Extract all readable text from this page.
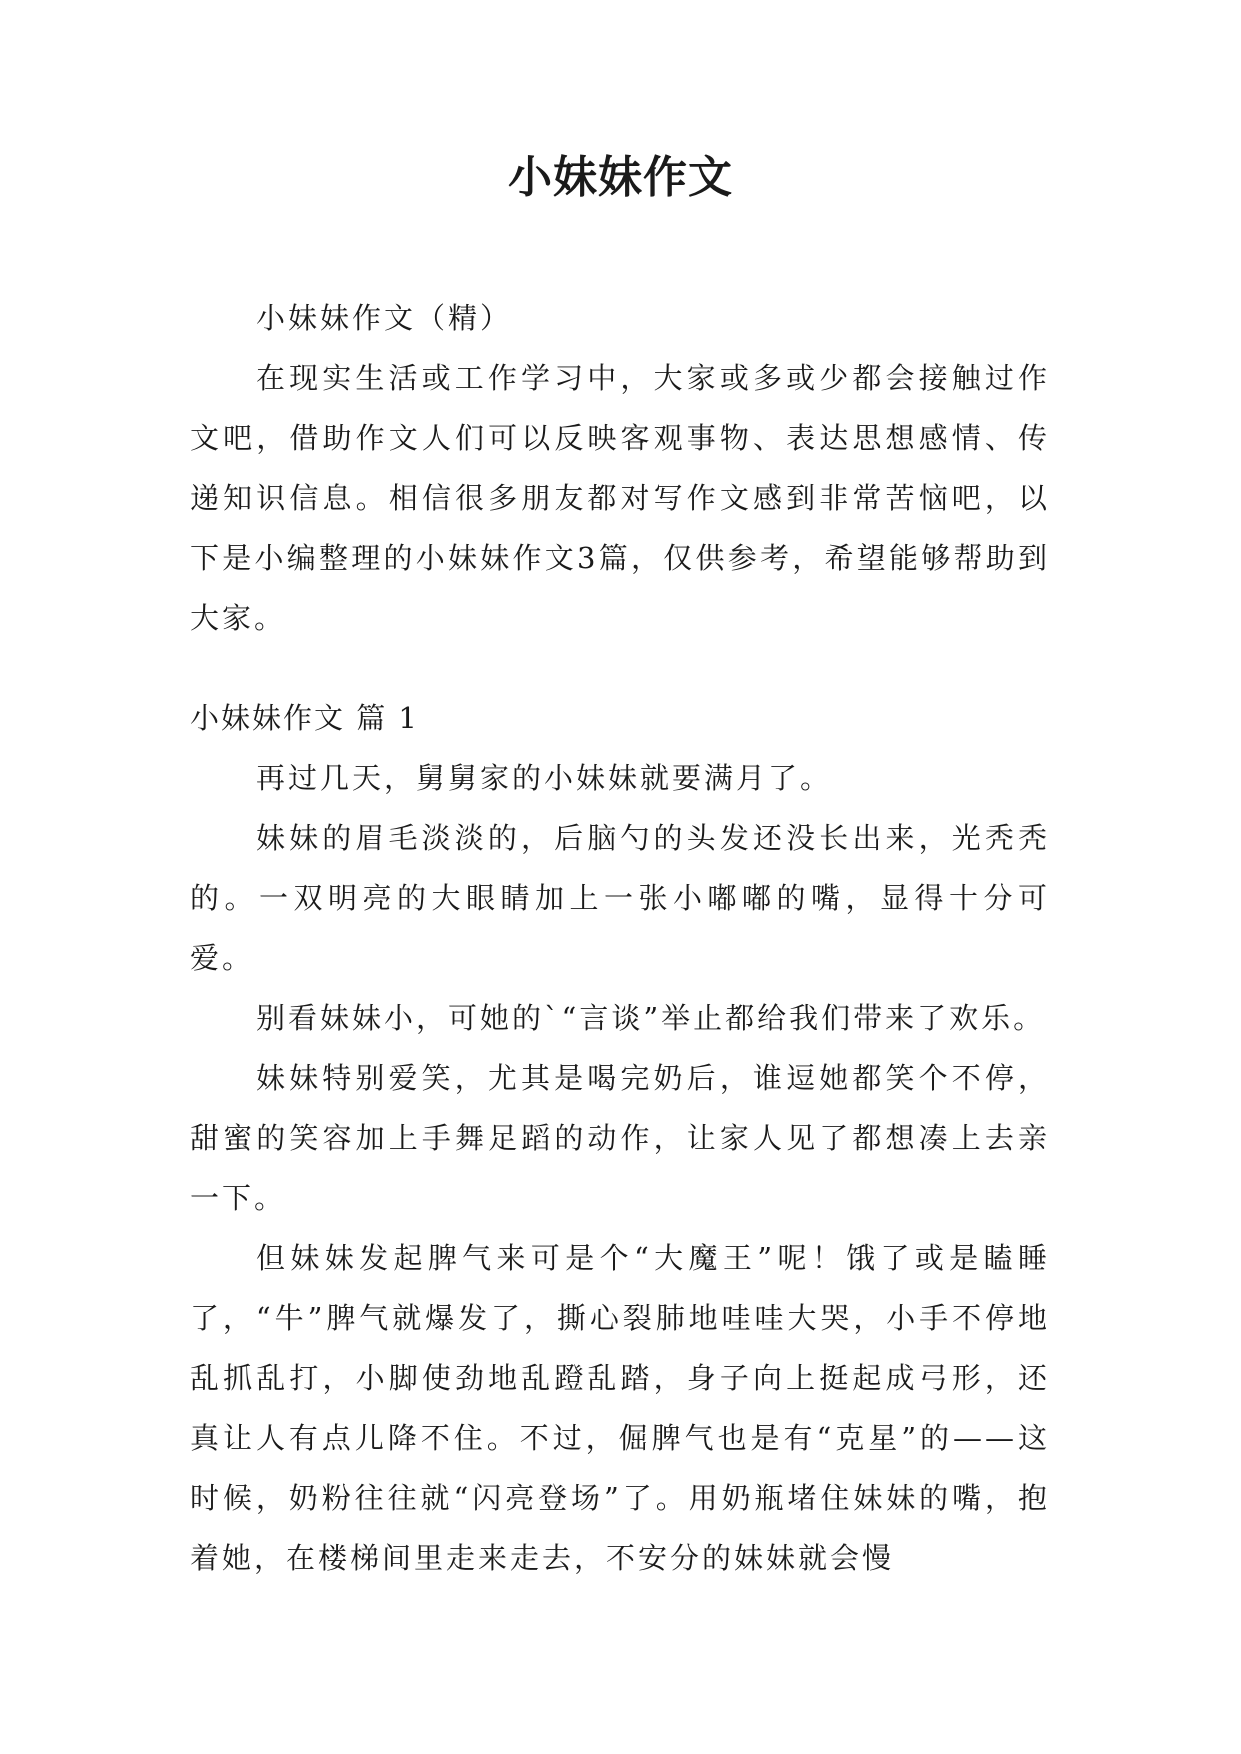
小妹妹作文
小妹妹作文（精）
在现实生活或工作学习中，大家或多或少都会接触过作文吧，借助作文人们可以反映客观事物、表达思想感情、传递知识信息。相信很多朋友都对写作文感到非常苦恼吧，以下是小编整理的小妹妹作文3篇，仅供参考，希望能够帮助到大家。
小妹妹作文 篇 1

再过几天，舅舅家的小妹妹就要满月了。

妹妹的眉毛淡淡的，后脑勺的头发还没长出来，光秃秃的。一双明亮的大眼睛加上一张小嘟嘟的嘴，显得十分可爱。

别看妹妹小，可她的`“言谈”举止都给我们带来了欢乐。

妹妹特别爱笑，尤其是喝完奶后，谁逗她都笑个不停，甜蜜的笑容加上手舞足蹈的动作，让家人见了都想凑上去亲一下。

但妹妹发起脾气来可是个“大魔王”呢！饿了或是瞌睡了，“牛”脾气就爆发了，撕心裂肺地哇哇大哭，小手不停地乱抓乱打，小脚使劲地乱蹬乱踏，身子向上挺起成弓形，还真让人有点儿降不住。不过，倔脾气也是有“克星”的——这时候，奶粉往往就“闪亮登场”了。用奶瓶堵住妹妹的嘴，抱着她，在楼梯间里走来走去，不安分的妹妹就会慢
